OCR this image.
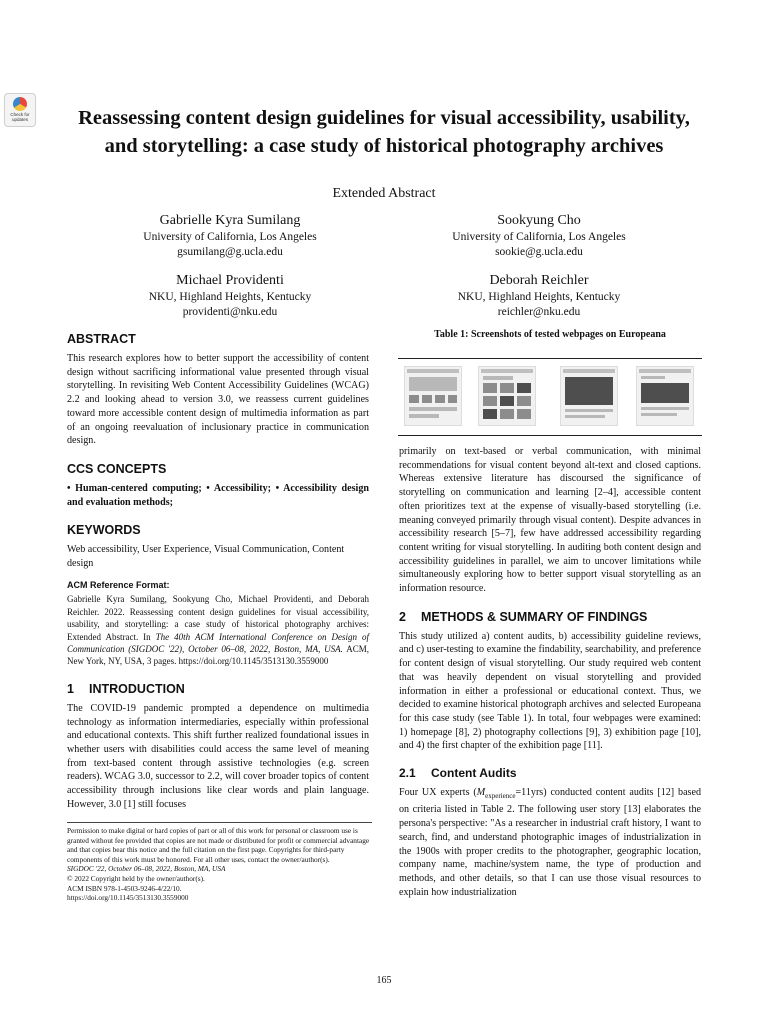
Check for updates	Reassessing content design guidelines for visual accessibility, usability, and storytelling: a case study of historical photography archives
Extended Abstract
Gabrielle Kyra Sumilang
University of California, Los Angeles
gsumilang@g.ucla.edu
Sookyung Cho
University of California, Los Angeles
sookie@g.ucla.edu
Michael Providenti
NKU, Highland Heights, Kentucky
providenti@nku.edu
Deborah Reichler
NKU, Highland Heights, Kentucky
reichler@nku.edu
ABSTRACT

This research explores how to better support the accessibility of content design without sacrificing informational value presented through visual storytelling. In revisiting Web Content Accessibility Guidelines (WCAG) 2.2 and looking ahead to version 3.0, we reassess current guidelines toward more accessible content design of multimedia information as part of an ongoing reevaluation of inclusionary practice in communication design.

CCS CONCEPTS

• Human-centered computing; • Accessibility; • Accessibility design and evaluation methods;

KEYWORDS

Web accessibility, User Experience, Visual Communication, Content design

ACM Reference Format:

Gabrielle Kyra Sumilang, Sookyung Cho, Michael Providenti, and Deborah Reichler. 2022. Reassessing content design guidelines for visual accessibility, usability, and storytelling: a case study of historical photography archives: Extended Abstract. In The 40th ACM International Conference on Design of Communication (SIGDOC '22), October 06–08, 2022, Boston, MA, USA. ACM, New York, NY, USA, 3 pages. https://doi.org/10.1145/3513130.3559000

1 INTRODUCTION

The COVID-19 pandemic prompted a dependence on multimedia technology as information intermediaries, especially within professional and educational contexts. This shift further realized foundational issues in whether users with disabilities could access the same level of meaning from text-based content through assistive technologies (e.g. screen readers). WCAG 3.0, successor to 2.2, will cover broader topics of content accessibility through inclusions like clear words and plain language. However, 3.0 [1] still focuses

Permission to make digital or hard copies of part or all of this work for personal or classroom use is granted without fee provided that copies are not made or distributed for profit or commercial advantage and that copies bear this notice and the full citation on the first page. Copyrights for third-party components of this work must be honored. For all other uses, contact the owner/author(s).

SIGDOC '22, October 06–08, 2022, Boston, MA, USA

© 2022 Copyright held by the owner/author(s).

ACM ISBN 978-1-4503-9246-4/22/10.

https://doi.org/10.1145/3513130.3559000

Table 1: Screenshots of tested webpages on Europeana

primarily on text-based or verbal communication, with minimal recommendations for visual content beyond alt-text and closed captions. Whereas extensive literature has discoursed the significance of storytelling on communication and learning [2–4], accessible content often prioritizes text at the expense of visually-based storytelling (i.e. meaning conveyed primarily through visual content). Despite advances in accessibility research [5–7], few have addressed accessibility regarding content writing for visual storytelling. In auditing both content design and accessibility guidelines in parallel, we aim to uncover limitations while simultaneously exploring how to better support visual storytelling as an information resource.

2 METHODS & SUMMARY OF FINDINGS

This study utilized a) content audits, b) accessibility guideline reviews, and c) user-testing to examine the findability, searchability, and preference for content design of visual storytelling. Our study required web content that was heavily dependent on visual storytelling and provided information in either a professional or educational context. Thus, we decided to examine historical photograph archives and selected Europeana for this case study (see Table 1). In total, four webpages were examined: 1) homepage [8], 2) photography collections [9], 3) exhibition page [10], and 4) the first chapter of the exhibition page [11].

2.1 Content Audits

Four UX experts $(M_{experience}=11yrs)$ conducted content audits [12] based on criteria listed in Table 2. The following user story [13] elaborates the persona's perspective: "As a researcher in industrial craft history, I want to search, find, and understand photographic images of industrialization in the 1900s with proper credits to the photographer, geographic location, company name, machine/system name, the type of production and methods, and other details, so that I can use those visual resources to explain how industrialization

165
